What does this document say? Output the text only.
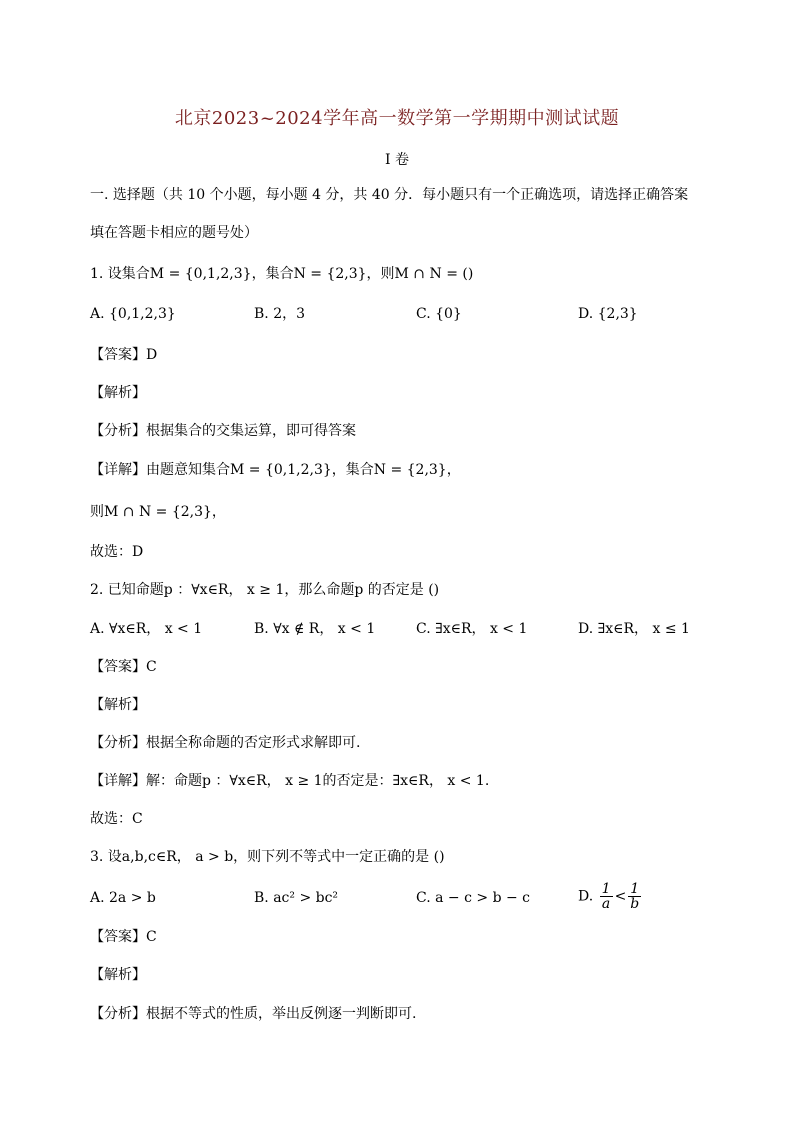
北京2023~2024学年高一数学第一学期期中测试试题
I 卷
一. 选择题（共 10 个小题，每小题 4 分，共 40 分．每小题只有一个正确选项，请选择正确答案
填在答题卡相应的题号处）
1. 设集合M = {0,1,2,3}，集合N = {2,3}，则M ∩ N = ()
A. {0,1,2,3}	B. 2，3	C. {0}	D. {2,3}
【答案】D
【解析】
【分析】根据集合的交集运算，即可得答案
【详解】由题意知集合M = {0,1,2,3}，集合N = {2,3}，
则M ∩ N = {2,3}，
故选：D
2. 已知命题p ：∀x∈R， x ≥ 1，那么命题p 的否定是 ()
A. ∀x∈R， x < 1	B. ∀x ∉ R， x < 1	C. ∃x∈R， x < 1	D. ∃x∈R， x ≤ 1
【答案】C
【解析】
【分析】根据全称命题的否定形式求解即可.
【详解】解：命题p ：∀x∈R， x ≥ 1的否定是：∃x∈R， x < 1.
故选：C
3. 设a,b,c∈R， a > b，则下列不等式中一定正确的是 ()
A. 2a > b	B. ac² > bc²	C. a − c > b − c	D. $\frac{1}{a} < \frac{1}{b}$
【答案】C
【解析】
【分析】根据不等式的性质，举出反例逐一判断即可.
